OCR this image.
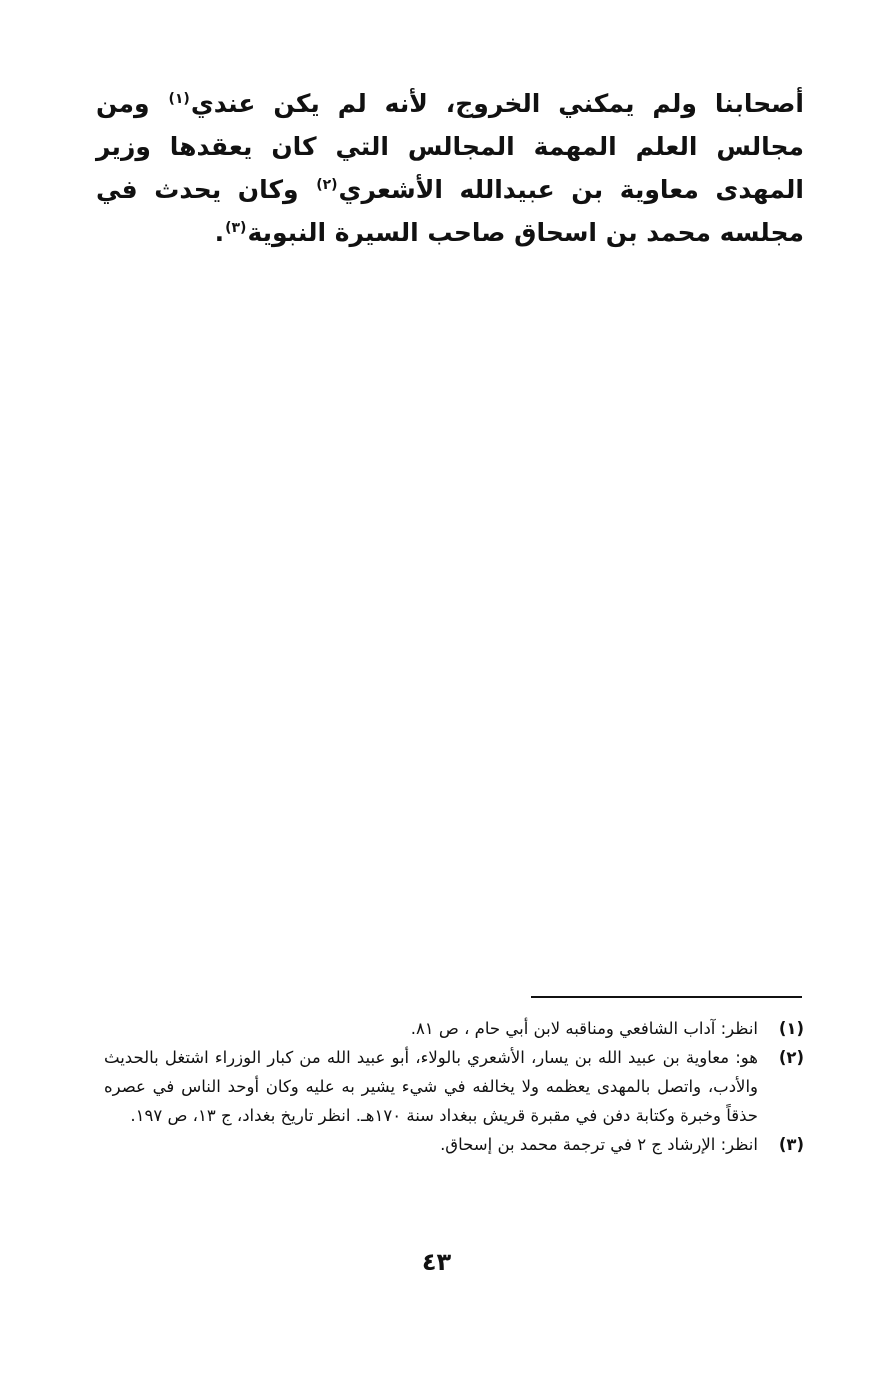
أصحابنا ولم يمكني الخروج، لأنه لم يكن عندي$^{(١)}$ ومن مجالس العلم المهمة المجالس التي كان يعقدها وزير المهدى معاوية بن عبيدالله الأشعري$^{(٢)}$ وكان يحدث في مجلسه محمد بن اسحاق صاحب السيرة النبوية$^{(٣)}$.

(١)
انظر: آداب الشافعي ومناقبه لابن أبي حام ، ص ٨١.
(٢)
هو: معاوية بن عبيد الله بن يسار، الأشعري بالولاء، أبو عبيد الله من كبار الوزراء اشتغل بالحديث والأدب، واتصل بالمهدى يعظمه ولا يخالفه في شيء يشير به عليه وكان أوحد الناس في عصره حذقاً وخبرة وكتابة دفن في مقبرة قريش ببغداد سنة ١٧٠هـ. انظر تاريخ بغداد، ج ١٣، ص ١٩٧.
(٣)
انظر: الإرشاد ج ٢ في ترجمة محمد بن إسحاق.
٤٣
